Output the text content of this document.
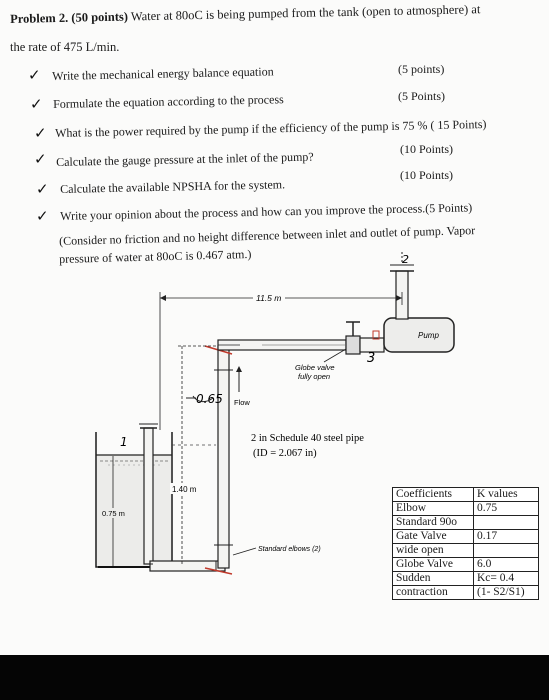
Problem 2. (50 points) Water at 80oC is being pumped from the tank (open to atmosphere) at
the rate of 475 L/min.
✓ Write the mechanical energy balance equation	(5 points)
✓ Formulate the equation according to the process	(5 Points)
✓ What is the power required by the pump if the efficiency of the pump is 75 % ( 15 Points)
✓ Calculate the gauge pressure at the inlet of the pump?
(10 Points)
✓ Calculate the available NPSHA for the system.
(10 Points)
✓ Write your opinion about the process and how can you improve the process.(5 Points)
(Consider no friction and no height difference between inlet and outlet of pump. Vapor
pressure of water at 80oC is 0.467 atm.)
11.5 m
1.40 m
0.75 m
Flow
Globe valve
fully open
Pump
2 in Schedule 40 steel pipe
(ID = 2.067 in)
Standard elbows (2)
1
2
3
0.65
Coefficients	K values
Elbow	0.75
Standard 90o	
Gate Valve	0.17
wide open	
Globe Valve	6.0
Sudden	Kc= 0.4
contraction	(1- S2/S1)
